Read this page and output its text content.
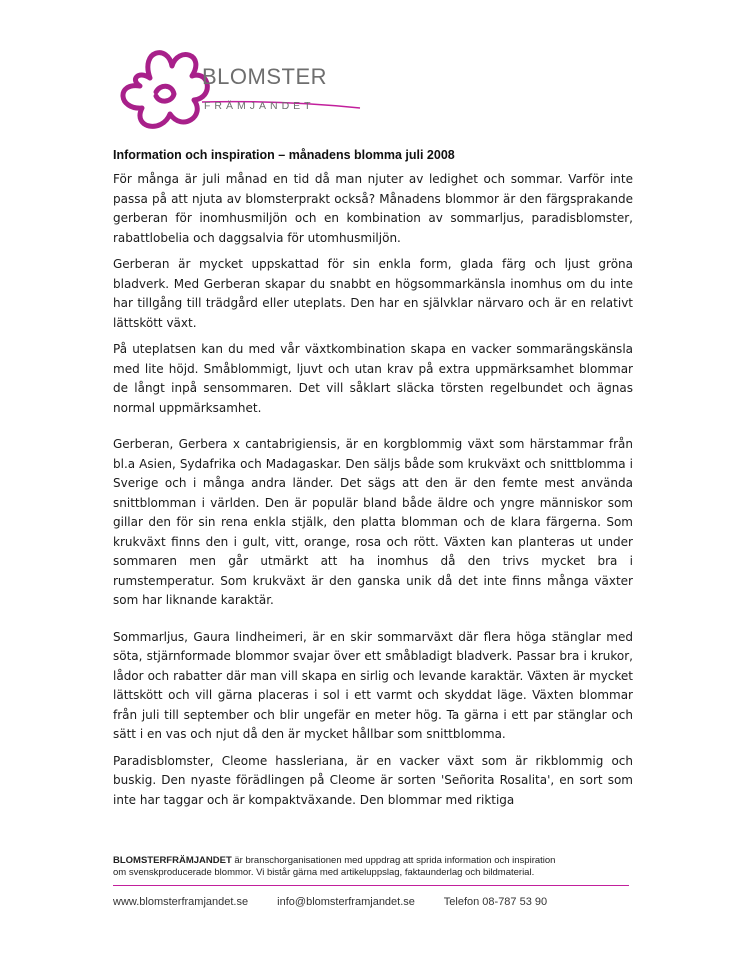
BLOMSTER
FRÄMJANDET
Information och inspiration – månadens blomma juli 2008

För många är juli månad en tid då man njuter av ledighet och sommar. Varför inte passa på att njuta av blomsterprakt också? Månadens blommor är den färgsprakande gerberan för inomhusmiljön och en kombination av sommarljus, paradisblomster, rabattlobelia och daggsalvia för utomhusmiljön.

Gerberan är mycket uppskattad för sin enkla form, glada färg och ljust gröna bladverk. Med Gerberan skapar du snabbt en högsommarkänsla inomhus om du inte har tillgång till trädgård eller uteplats. Den har en självklar närvaro och är en relativt lättskött växt.

På uteplatsen kan du med vår växtkombination skapa en vacker sommarängskänsla med lite höjd. Småblommigt, ljuvt och utan krav på extra uppmärksamhet blommar de långt inpå sensommaren. Det vill såklart släcka törsten regelbundet och ägnas normal uppmärksamhet.

Gerberan, Gerbera x cantabrigiensis, är en korgblommig växt som härstammar från bl.a Asien, Sydafrika och Madagaskar. Den säljs både som krukväxt och snittblomma i Sverige och i många andra länder. Det sägs att den är den femte mest använda snittblomman i världen. Den är populär bland både äldre och yngre människor som gillar den för sin rena enkla stjälk, den platta blomman och de klara färgerna. Som krukväxt finns den i gult, vitt, orange, rosa och rött. Växten kan planteras ut under sommaren men går utmärkt att ha inomhus då den trivs mycket bra i rumstemperatur. Som krukväxt är den ganska unik då det inte finns många växter som har liknande karaktär.

Sommarljus, Gaura lindheimeri, är en skir sommarväxt där flera höga stänglar med söta, stjärnformade blommor svajar över ett småbladigt bladverk. Passar bra i krukor, lådor och rabatter där man vill skapa en sirlig och levande karaktär. Växten är mycket lättskött och vill gärna placeras i sol i ett varmt och skyddat läge. Växten blommar från juli till september och blir ungefär en meter hög. Ta gärna i ett par stänglar och sätt i en vas och njut då den är mycket hållbar som snittblomma.

Paradisblomster, Cleome hassleriana, är en vacker växt som är rikblommig och buskig. Den nyaste förädlingen på Cleome är sorten 'Señorita Rosalita', en sort som inte har taggar och är kompaktväxande. Den blommar med riktiga

BLOMSTERFRÄMJANDET är branschorganisationen med uppdrag att sprida information och inspiration
om svenskproducerade blommor. Vi bistår gärna med artikeluppslag, faktaunderlag och bildmaterial.
www.blomsterframjandet.se	info@blomsterframjandet.se	Telefon 08-787 53 90
